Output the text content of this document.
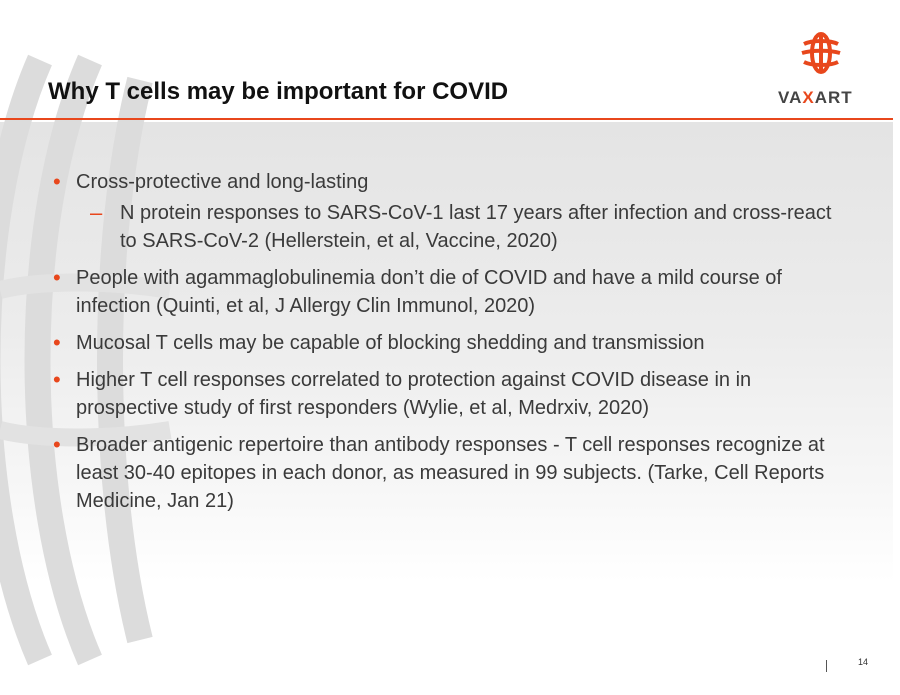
Why T cells may be important for COVID	VAXART
• Cross-protective and long-lasting
– N protein responses to SARS-CoV-1 last 17 years after infection and cross-react to SARS-CoV-2 (Hellerstein, et al, Vaccine, 2020)
• People with agammaglobulinemia don’t die of COVID and have a mild course of infection (Quinti, et al, J Allergy Clin Immunol, 2020)
• Mucosal T cells may be capable of blocking shedding and transmission
• Higher T cell responses correlated to protection against COVID disease in in prospective study of first responders (Wylie, et al, Medrxiv, 2020)
• Broader antigenic repertoire than antibody responses - T cell responses recognize at least 30-40 epitopes in each donor, as measured in 99 subjects. (Tarke, Cell Reports Medicine, Jan 21)
14
